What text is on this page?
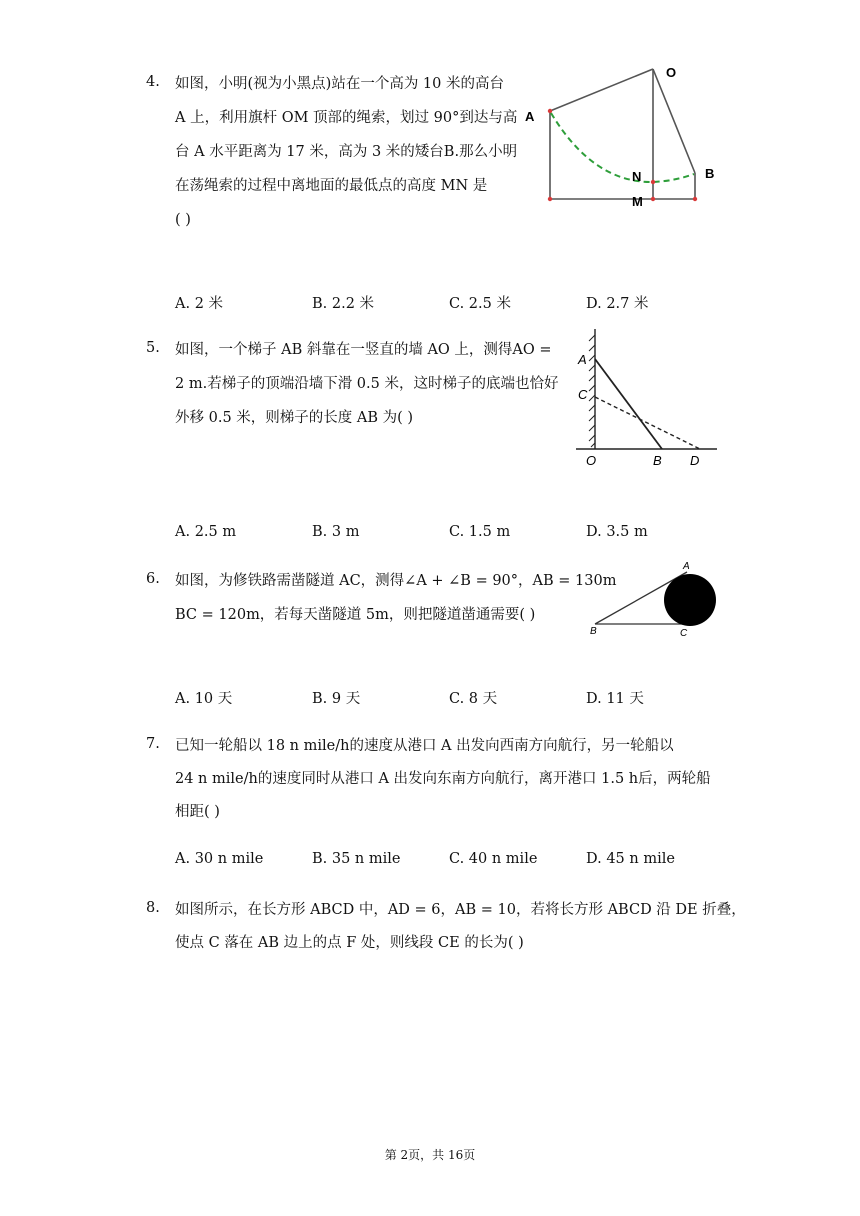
4. 如图，小明(视为小黑点)站在一个高为 10 米的高台
A 上，利用旗杆 OM 顶部的绳索，划过 90°到达与高
台 A 水平距离为 17 米，高为 3 米的矮台B.那么小明
在荡绳索的过程中离地面的最低点的高度 MN 是
( )
O
A
N	B
M
A. 2 米	B. 2.2 米	C. 2.5 米	D. 2.7 米
5. 如图，一个梯子 AB 斜靠在一竖直的墙 AO 上，测得AO =
2 m.若梯子的顶端沿墙下滑 0.5 米，这时梯子的底端也恰好
外移 0.5 米，则梯子的长度 AB 为( )
A
C
O	B D
A. 2.5 m	B. 3 m	C. 1.5 m	D. 3.5 m
6. 如图，为修铁路需凿隧道 AC，测得∠A + ∠B = 90°，AB = 130m
BC = 120m，若每天凿隧道 5m，则把隧道凿通需要( )
A
B	C
A. 10 天	B. 9 天	C. 8 天	D. 11 天
7. 已知一轮船以 18 n mile/h的速度从港口 A 出发向西南方向航行，另一轮船以
24 n mile/h的速度同时从港口 A 出发向东南方向航行，离开港口 1.5 h后，两轮船
相距( )
A. 30 n mile	B. 35 n mile	C. 40 n mile	D. 45 n mile
8. 如图所示，在长方形 ABCD 中，AD = 6，AB = 10，若将长方形 ABCD 沿 DE 折叠，
使点 C 落在 AB 边上的点 F 处，则线段 CE 的长为( )
第 2页，共 16页
